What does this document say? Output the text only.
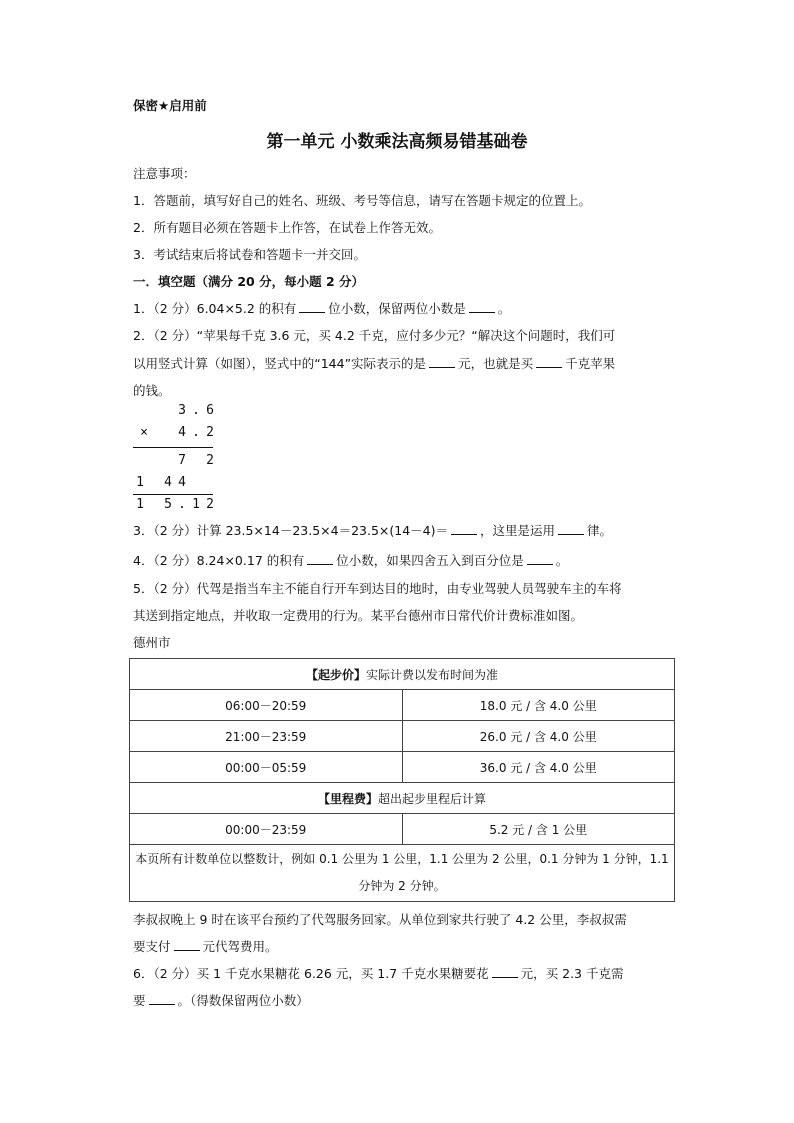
保密★启用前
第一单元 小数乘法高频易错基础卷
注意事项：
1．答题前，填写好自己的姓名、班级、考号等信息，请写在答题卡规定的位置上。
2．所有题目必须在答题卡上作答，在试卷上作答无效。
3．考试结束后将试卷和答题卡一并交回。
一．填空题（满分 20 分，每小题 2 分）
1．（2 分）6.04×5.2 的积有	位小数，保留两位小数是	。
2．（2 分）“苹果每千克 3.6 元，买 4.2 千克，应付多少元？“解决这个问题时，我们可
以用竖式计算（如图），竖式中的“144”实际表示的是	元，也就是买	千克苹果
的钱。
3 . 6
× 4 . 2
7 2
1 4 4
1 5 . 1 2
3．（2 分）计算 23.5×14－23.5×4＝23.5×(14－4)＝	，这里是运用	律。
4．（2 分）8.24×0.17 的积有	位小数，如果四舍五入到百分位是	。
5．（2 分）代驾是指当车主不能自行开车到达目的地时，由专业驾驶人员驾驶车主的车将
其送到指定地点，并收取一定费用的行为。某平台德州市日常代价计费标准如图。
德州市
【起步价】实际计费以发布时间为准	
06:00－20:59	18.0 元 / 含 4.0 公里
21:00－23:59	26.0 元 / 含 4.0 公里
00:00－05:59	36.0 元 / 含 4.0 公里
【里程费】超出起步里程后计算	
00:00－23:59	5.2 元 / 含 1 公里
本页所有计数单位以整数计，例如 0.1 公里为 1 公里，1.1 公里为 2 公里，0.1 分钟为 1 分钟，1.1 分钟为 2 分钟。	
李叔叔晚上 9 时在该平台预约了代驾服务回家。从单位到家共行驶了 4.2 公里，李叔叔需
要支付	元代驾费用。
6．（2 分）买 1 千克水果糖花 6.26 元，买 1.7 千克水果糖要花	元，买 2.3 千克需
要	。（得数保留两位小数）
